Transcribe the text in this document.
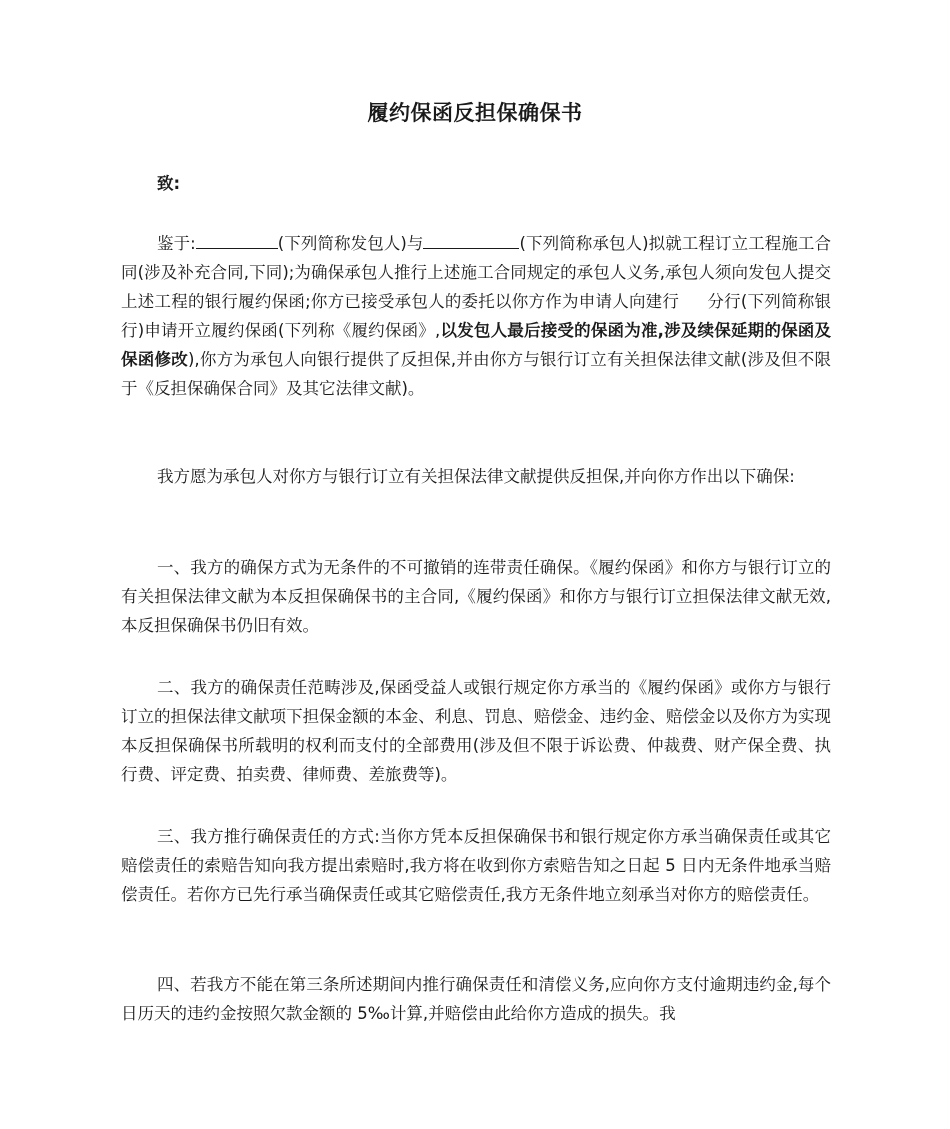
履约保函反担保确保书

致:

鉴于:	(下列简称发包人)与	(下列简称承包人)拟就工程订立工程施工合同(涉及补充合同,下同);为确保承包人推行上述施工合同规定的承包人义务,承包人须向发包人提交上述工程的银行履约保函;你方已接受承包人的委托以你方作为申请人向建行 分行(下列简称银行)申请开立履约保函(下列称《履约保函》,以发包人最后接受的保函为准,涉及续保延期的保函及保函修改),你方为承包人向银行提供了反担保,并由你方与银行订立有关担保法律文献(涉及但不限于《反担保确保合同》及其它法律文献)。

我方愿为承包人对你方与银行订立有关担保法律文献提供反担保,并向你方作出以下确保:

一、我方的确保方式为无条件的不可撤销的连带责任确保。《履约保函》和你方与银行订立的有关担保法律文献为本反担保确保书的主合同,《履约保函》和你方与银行订立担保法律文献无效,本反担保确保书仍旧有效。

二、我方的确保责任范畴涉及,保函受益人或银行规定你方承当的《履约保函》或你方与银行订立的担保法律文献项下担保金额的本金、利息、罚息、赔偿金、违约金、赔偿金以及你方为实现本反担保确保书所载明的权利而支付的全部费用(涉及但不限于诉讼费、仲裁费、财产保全费、执行费、评定费、拍卖费、律师费、差旅费等)。

三、我方推行确保责任的方式:当你方凭本反担保确保书和银行规定你方承当确保责任或其它赔偿责任的索赔告知向我方提出索赔时,我方将在收到你方索赔告知之日起 5 日内无条件地承当赔偿责任。若你方已先行承当确保责任或其它赔偿责任,我方无条件地立刻承当对你方的赔偿责任。

四、若我方不能在第三条所述期间内推行确保责任和清偿义务,应向你方支付逾期违约金,每个日历天的违约金按照欠款金额的 5‰计算,并赔偿由此给你方造成的损失。我
